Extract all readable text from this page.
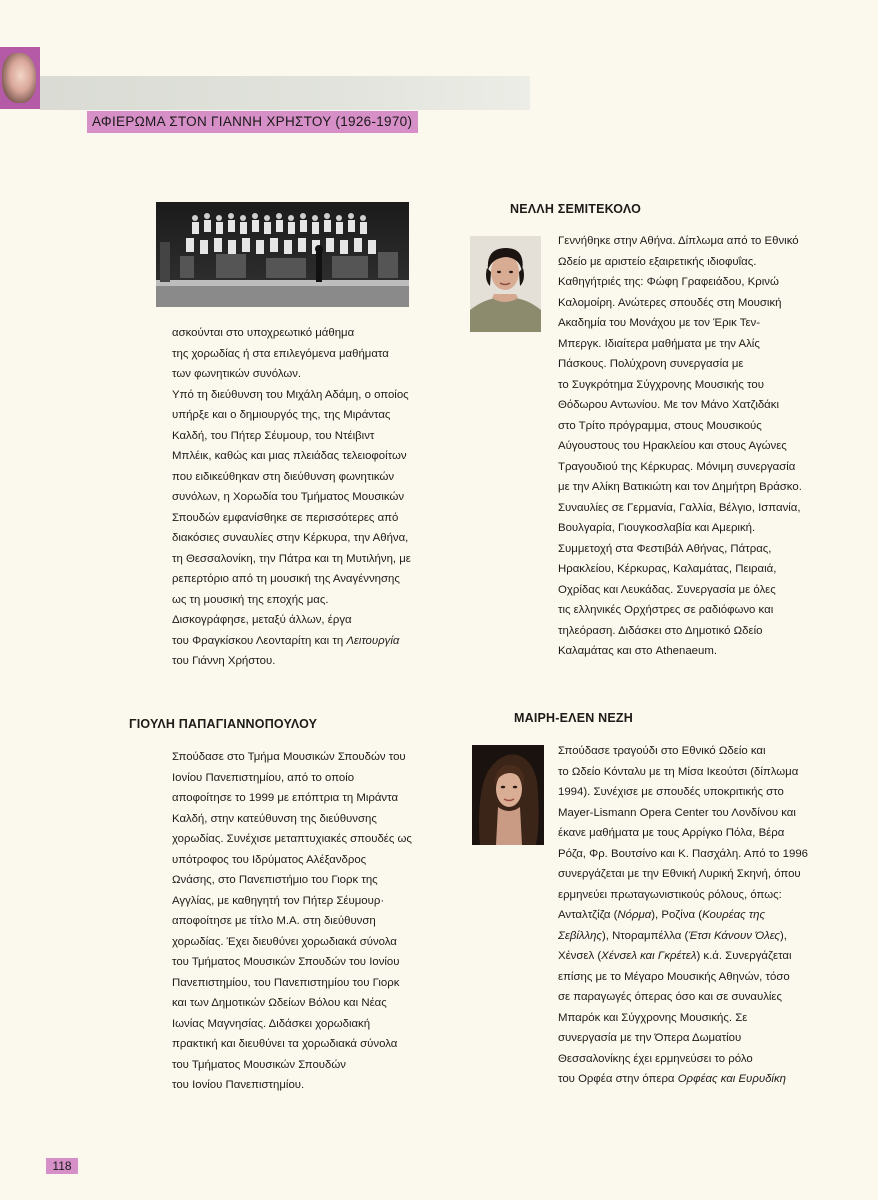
ΑΦΙΕΡΩΜΑ ΣΤΟΝ ΓΙΑΝΝΗ ΧΡΗΣΤΟΥ (1926-1970)
ασκούνται στο υποχρεωτικό μάθημα
της χορωδίας ή στα επιλεγόμενα μαθήματα
των φωνητικών συνόλων.
Υπό τη διεύθυνση του Μιχάλη Αδάμη, ο οποίος
υπήρξε και ο δημιουργός της, της Μιράντας
Καλδή, του Πήτερ Σέυμουρ, του Ντέιβιντ
Μπλέικ, καθώς και μιας πλειάδας τελειοφοίτων
που ειδικεύθηκαν στη διεύθυνση φωνητικών
συνόλων, η Χορωδία του Τμήματος Μουσικών
Σπουδών εμφανίσθηκε σε περισσότερες από
διακόσιες συναυλίες στην Κέρκυρα, την Αθήνα,
τη Θεσσαλονίκη, την Πάτρα και τη Μυτιλήνη, με
ρεπερτόριο από τη μουσική της Αναγέννησης
ως τη μουσική της εποχής μας.
Δισκογράφησε, μεταξύ άλλων, έργα
του Φραγκίσκου Λεονταρίτη και τη Λειτουργία
του Γιάννη Χρήστου.
ΓΙΟΥΛΗ ΠΑΠΑΓΙΑΝΝΟΠΟΥΛΟΥ
Σπούδασε στο Τμήμα Μουσικών Σπουδών του
Ιονίου Πανεπιστημίου, από το οποίο
αποφοίτησε το 1999 με επόπτρια τη Μιράντα
Καλδή, στην κατεύθυνση της διεύθυνσης
χορωδίας. Συνέχισε μεταπτυχιακές σπουδές ως
υπότροφος του Ιδρύματος Αλέξανδρος
Ωνάσης, στο Πανεπιστήμιο του Γιορκ της
Αγγλίας, με καθηγητή τον Πήτερ Σέυμουρ·
αποφοίτησε με τίτλο Μ.Α. στη διεύθυνση
χορωδίας. Έχει διευθύνει χορωδιακά σύνολα
του Τμήματος Μουσικών Σπουδών του Ιονίου
Πανεπιστημίου, του Πανεπιστημίου του Γιορκ
και των Δημοτικών Ωδείων Βόλου και Νέας
Ιωνίας Μαγνησίας. Διδάσκει χορωδιακή
πρακτική και διευθύνει τα χορωδιακά σύνολα
του Τμήματος Μουσικών Σπουδών
του Ιονίου Πανεπιστημίου.
ΝΕΛΛΗ ΣΕΜΙΤΕΚΟΛΟ
Γεννήθηκε στην Αθήνα. Δίπλωμα από το Εθνικό
Ωδείο με αριστείο εξαιρετικής ιδιοφυΐας.
Καθηγήτριές της: Φώφη Γραφειάδου, Κρινώ
Καλομοίρη. Ανώτερες σπουδές στη Μουσική
Ακαδημία του Μονάχου με τον Έρικ Τεν-
Μπεργκ. Ιδιαίτερα μαθήματα με την Αλίς
Πάσκους. Πολύχρονη συνεργασία με
το Συγκρότημα Σύγχρονης Μουσικής του
Θόδωρου Αντωνίου. Με τον Μάνο Χατζιδάκι
στο Τρίτο πρόγραμμα, στους Μουσικούς
Αύγουστους του Ηρακλείου και στους Αγώνες
Τραγουδιού της Κέρκυρας. Μόνιμη συνεργασία
με την Αλίκη Βατικιώτη και τον Δημήτρη Βράσκο.
Συναυλίες σε Γερμανία, Γαλλία, Βέλγιο, Ισπανία,
Βουλγαρία, Γιουγκοσλαβία και Αμερική.
Συμμετοχή στα Φεστιβάλ Αθήνας, Πάτρας,
Ηρακλείου, Κέρκυρας, Καλαμάτας, Πειραιά,
Οχρίδας και Λευκάδας. Συνεργασία με όλες
τις ελληνικές Ορχήστρες σε ραδιόφωνο και
τηλεόραση. Διδάσκει στο Δημοτικό Ωδείο
Καλαμάτας και στο Athenaeum.
ΜΑΙΡΗ-ΕΛΕΝ ΝΕΖΗ
Σπούδασε τραγούδι στο Εθνικό Ωδείο και
το Ωδείο Κόνταλυ με τη Μίσα Ικεούτσι (δίπλωμα
1994). Συνέχισε με σπουδές υποκριτικής στο
Mayer-Lismann Opera Center του Λονδίνου και
έκανε μαθήματα με τους Αρρίγκο Πόλα, Βέρα
Ρόζα, Φρ. Βουτσίνο και Κ. Πασχάλη. Από το 1996
συνεργάζεται με την Εθνική Λυρική Σκηνή, όπου
ερμηνεύει πρωταγωνιστικούς ρόλους, όπως:
Ανταλτζίζα (Νόρμα), Ροζίνα (Κουρέας της
Σεβίλλης), Ντοραμπέλλα (Έτσι Κάνουν Όλες),
Χένσελ (Χένσελ και Γκρέτελ) κ.ά. Συνεργάζεται
επίσης με το Μέγαρο Μουσικής Αθηνών, τόσο
σε παραγωγές όπερας όσο και σε συναυλίες
Μπαρόκ και Σύγχρονης Μουσικής. Σε
συνεργασία με την Όπερα Δωματίου
Θεσσαλονίκης έχει ερμηνεύσει το ρόλο
του Ορφέα στην όπερα Ορφέας και Ευρυδίκη
118
